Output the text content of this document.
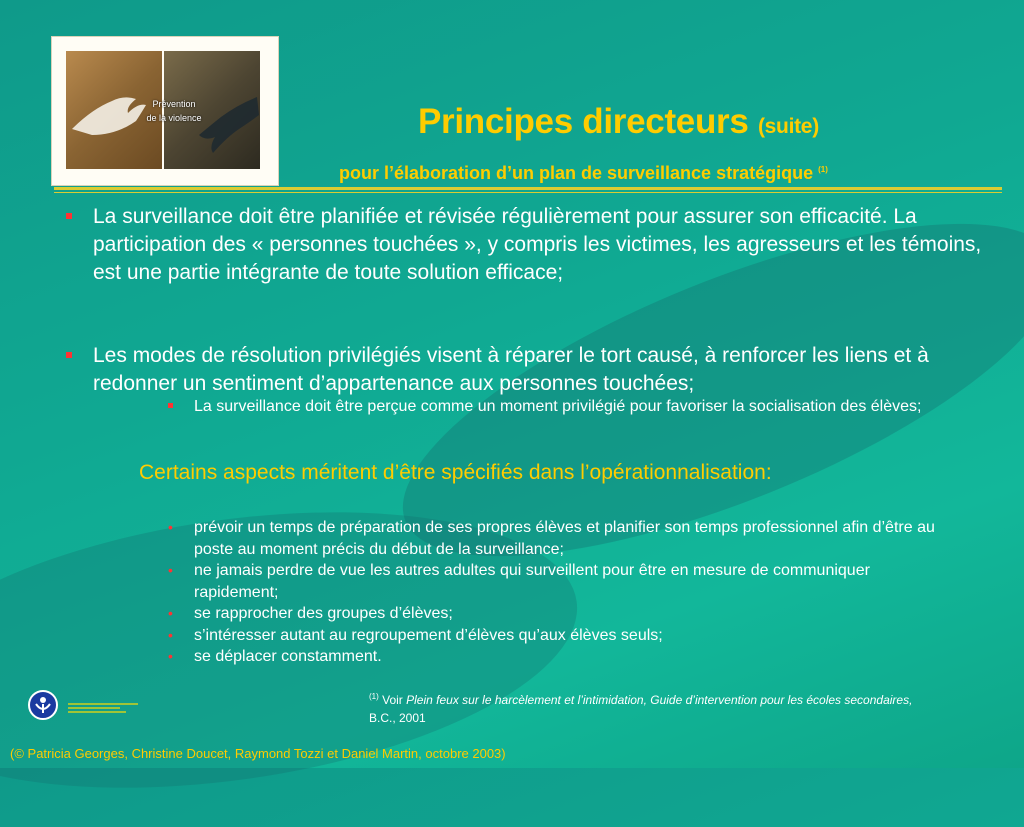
Prévention
de la violence	Principes directeurs (suite)
pour l’élaboration d’un plan de surveillance stratégique $^{(1)}$
La surveillance doit être planifiée et révisée régulièrement pour assurer son efficacité. La participation des « personnes touchées », y compris les victimes, les agresseurs et les témoins, est une partie intégrante de toute solution efficace;
Les modes de résolution privilégiés visent à réparer le tort causé, à renforcer les liens et à redonner un sentiment d’appartenance aux personnes touchées;
La surveillance doit être perçue comme un moment privilégié pour favoriser la socialisation des élèves;
Certains aspects méritent d’être spécifiés dans l’opérationnalisation:
• prévoir un temps de préparation de ses propres élèves et planifier son temps professionnel afin d’être au poste au moment précis du début de la surveillance;
• ne jamais perdre de vue les autres adultes qui surveillent pour être en mesure de communiquer rapidement;
• se rapprocher des groupes d’élèves;
• s’intéresser autant au regroupement d’élèves qu’aux élèves seuls;
• se déplacer constamment.
$^{(1)}$ Voir Plein feux sur le harcèlement et l’intimidation, Guide d’intervention pour les écoles secondaires,
B.C., 2001
(© Patricia Georges, Christine Doucet, Raymond Tozzi et Daniel Martin, octobre 2003)
